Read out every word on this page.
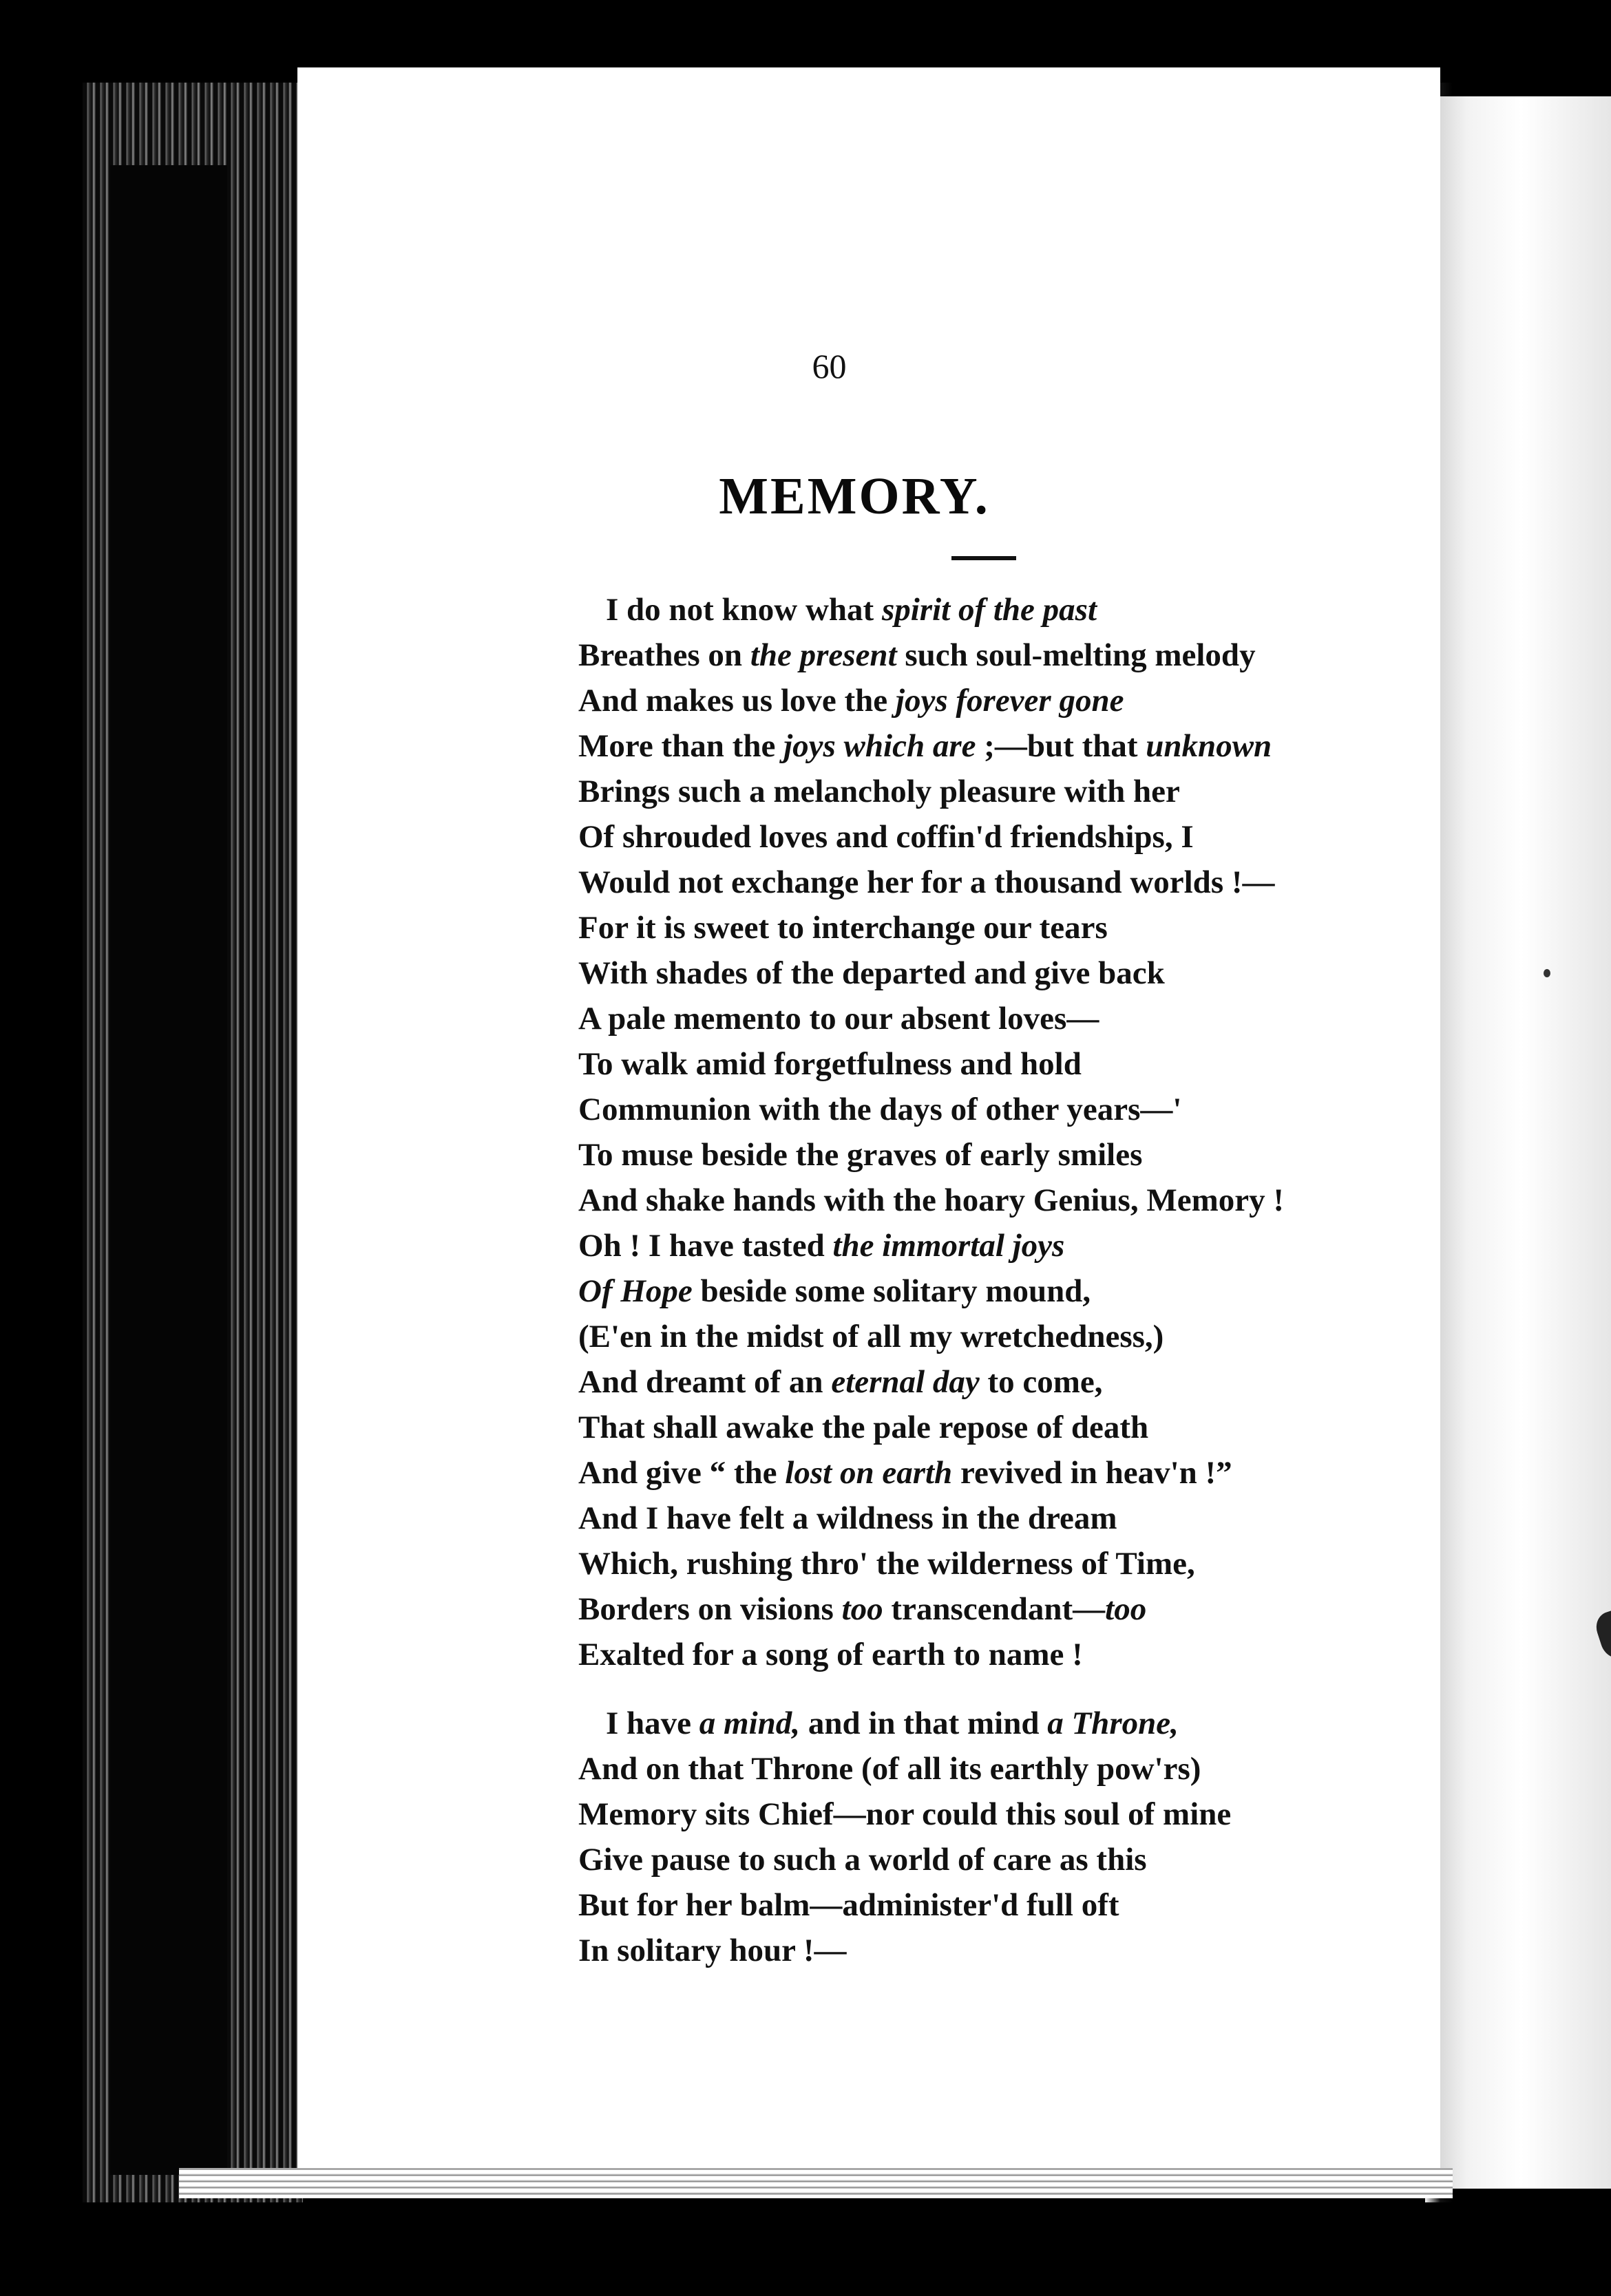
60
MEMORY.
I do not know what spirit of the past
Breathes on the present such soul-melting melody
And makes us love the joys forever gone
More than the joys which are ;—but that unknown
Brings such a melancholy pleasure with her
Of shrouded loves and coffin'd friendships, I
Would not exchange her for a thousand worlds !—
For it is sweet to interchange our tears
With shades of the departed and give back
A pale memento to our absent loves—
To walk amid forgetfulness and hold
Communion with the days of other years—'
To muse beside the graves of early smiles
And shake hands with the hoary Genius, Memory !
Oh ! I have tasted the immortal joys
Of Hope beside some solitary mound,
(E'en in the midst of all my wretchedness,)
And dreamt of an eternal day to come,
That shall awake the pale repose of death
And give “ the lost on earth revived in heav'n !”
And I have felt a wildness in the dream
Which, rushing thro' the wilderness of Time,
Borders on visions too transcendant—too
Exalted for a song of earth to name !
I have a mind, and in that mind a Throne,
And on that Throne (of all its earthly pow'rs)
Memory sits Chief—nor could this soul of mine
Give pause to such a world of care as this
But for her balm—administer'd full oft
In solitary hour !—
